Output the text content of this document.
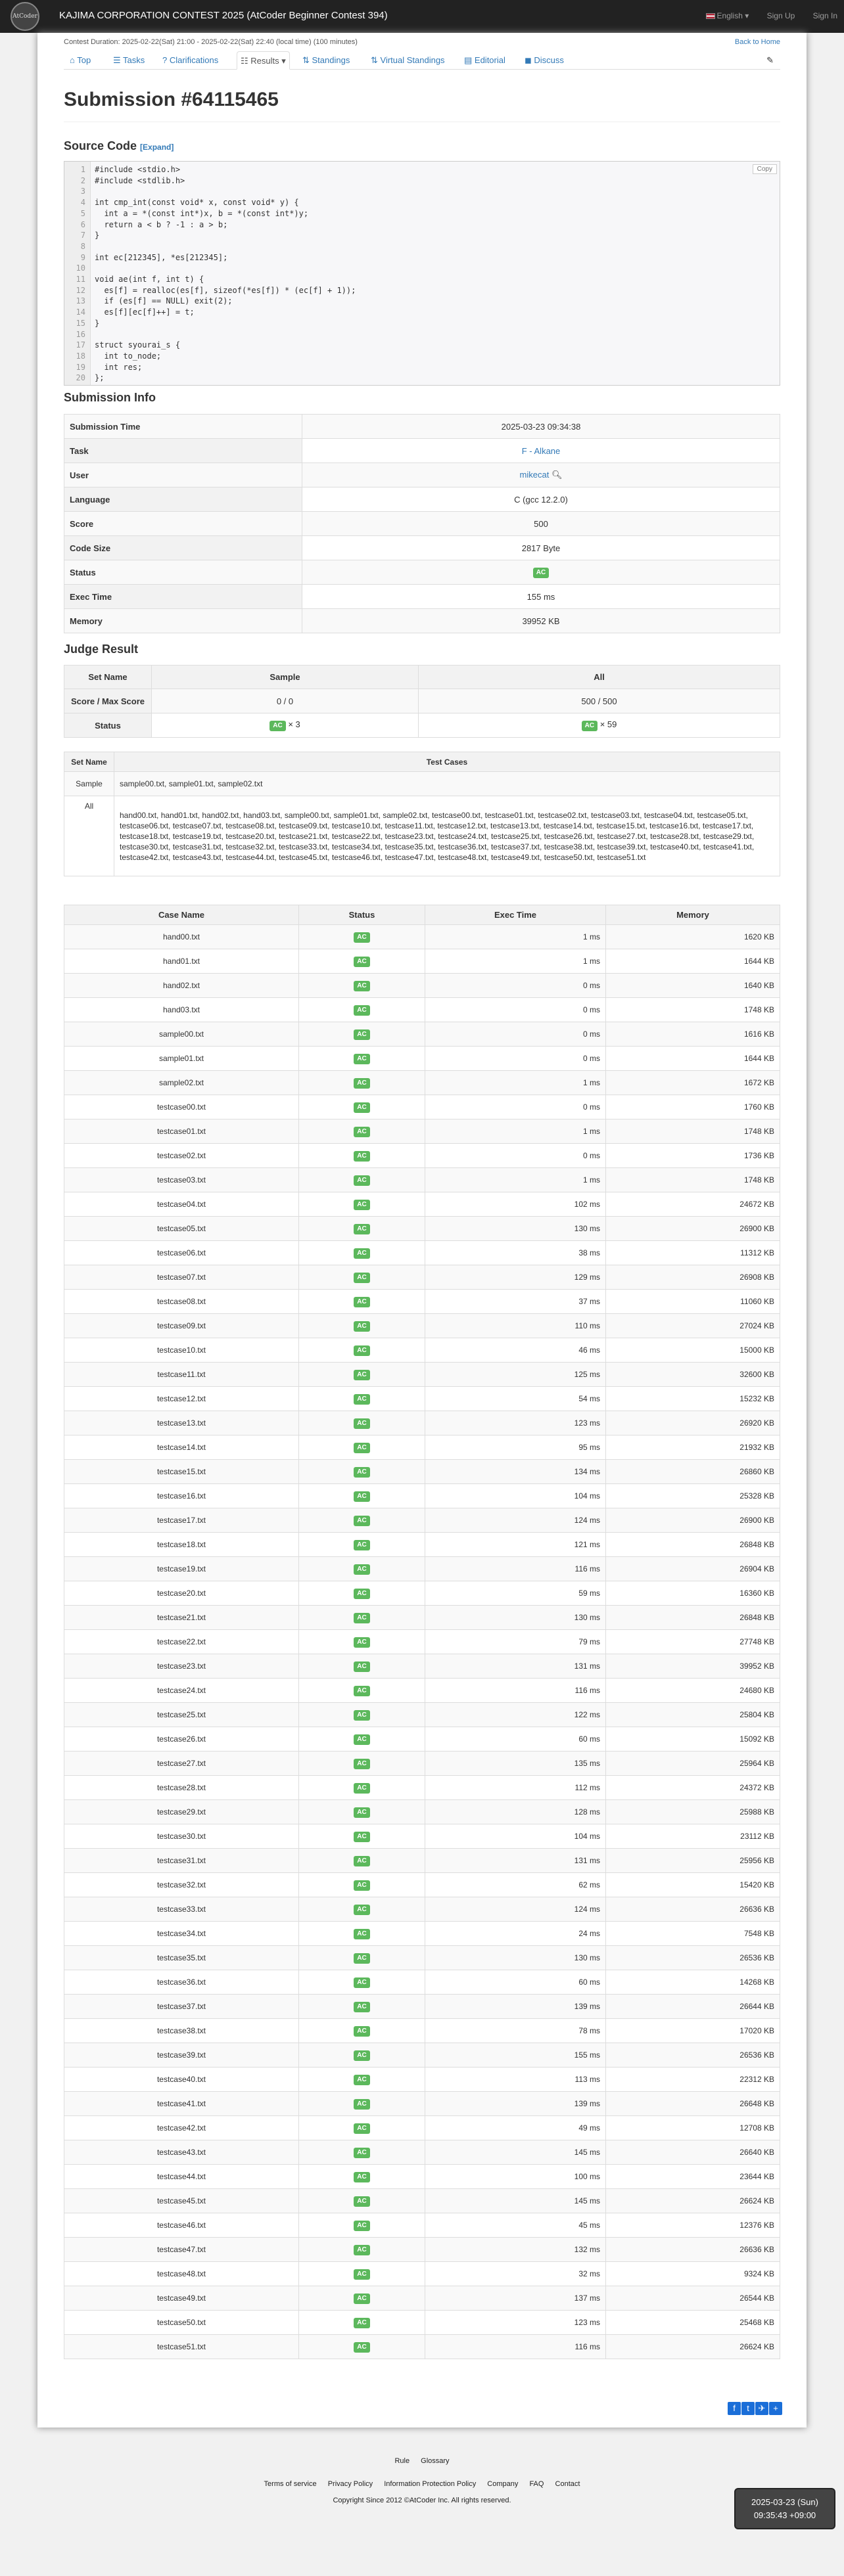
AtCoder KAJIMA CORPORATION CONTEST 2025 (AtCoder Beginner Contest 394)	English ▾ Sign Up Sign In
Contest Duration: 2025-02-22(Sat) 21:00 - 2025-02-22(Sat) 22:40 (local time) (100 minutes)	Back to Home
⌂ Top	☰ Tasks	? Clarifications	☷ Results ▾	⇅ Standings	⇅ Virtual Standings	▤ Editorial	◼ Discuss	✎
Submission #64115465
Source Code [Expand]
Copy
1 #include <stdio.h>
2 #include <stdlib.h>
3
4 int cmp_int(const void* x, const void* y) {
5 int a = *(const int*)x, b = *(const int*)y;
6 return a < b ? -1 : a > b;
7 }
8
9 int ec[212345], *es[212345];
10
11 void ae(int f, int t) {
12 es[f] = realloc(es[f], sizeof(*es[f]) * (ec[f] + 1));
13 if (es[f] == NULL) exit(2);
14 es[f][ec[f]++] = t;
15 }
16
17 struct syourai_s {
18 int to_node;
19 int res;
20 };
Submission Info
Submission Time	2025-03-23 09:34:38
Task	F - Alkane
User	mikecat 🔍︎
Language	C (gcc 12.2.0)
Score	500
Code Size	2817 Byte
Status	AC
Exec Time	155 ms
Memory	39952 KB
Judge Result
Set Name	Sample	All
Score / Max Score	0 / 0	500 / 500
Status	AC × 3	AC × 59
Set Name	Test Cases
Sample	sample00.txt, sample01.txt, sample02.txt
All	hand00.txt, hand01.txt, hand02.txt, hand03.txt, sample00.txt, sample01.txt, sample02.txt, testcase00.txt, testcase01.txt, testcase02.txt, testcase03.txt, testcase04.txt, testcase05.txt, testcase06.txt, testcase07.txt, testcase08.txt, testcase09.txt, testcase10.txt, testcase11.txt, testcase12.txt, testcase13.txt, testcase14.txt, testcase15.txt, testcase16.txt, testcase17.txt, testcase18.txt, testcase19.txt, testcase20.txt, testcase21.txt, testcase22.txt, testcase23.txt, testcase24.txt, testcase25.txt, testcase26.txt, testcase27.txt, testcase28.txt, testcase29.txt, testcase30.txt, testcase31.txt, testcase32.txt, testcase33.txt, testcase34.txt, testcase35.txt, testcase36.txt, testcase37.txt, testcase38.txt, testcase39.txt, testcase40.txt, testcase41.txt, testcase42.txt, testcase43.txt, testcase44.txt, testcase45.txt, testcase46.txt, testcase47.txt, testcase48.txt, testcase49.txt, testcase50.txt, testcase51.txt
Case Name	Status	Exec Time	Memory
hand00.txt	AC	1 ms	1620 KB
hand01.txt	AC	1 ms	1644 KB
hand02.txt	AC	0 ms	1640 KB
hand03.txt	AC	0 ms	1748 KB
sample00.txt	AC	0 ms	1616 KB
sample01.txt	AC	0 ms	1644 KB
sample02.txt	AC	1 ms	1672 KB
testcase00.txt	AC	0 ms	1760 KB
testcase01.txt	AC	1 ms	1748 KB
testcase02.txt	AC	0 ms	1736 KB
testcase03.txt	AC	1 ms	1748 KB
testcase04.txt	AC	102 ms	24672 KB
testcase05.txt	AC	130 ms	26900 KB
testcase06.txt	AC	38 ms	11312 KB
testcase07.txt	AC	129 ms	26908 KB
testcase08.txt	AC	37 ms	11060 KB
testcase09.txt	AC	110 ms	27024 KB
testcase10.txt	AC	46 ms	15000 KB
testcase11.txt	AC	125 ms	32600 KB
testcase12.txt	AC	54 ms	15232 KB
testcase13.txt	AC	123 ms	26920 KB
testcase14.txt	AC	95 ms	21932 KB
testcase15.txt	AC	134 ms	26860 KB
testcase16.txt	AC	104 ms	25328 KB
testcase17.txt	AC	124 ms	26900 KB
testcase18.txt	AC	121 ms	26848 KB
testcase19.txt	AC	116 ms	26904 KB
testcase20.txt	AC	59 ms	16360 KB
testcase21.txt	AC	130 ms	26848 KB
testcase22.txt	AC	79 ms	27748 KB
testcase23.txt	AC	131 ms	39952 KB
testcase24.txt	AC	116 ms	24680 KB
testcase25.txt	AC	122 ms	25804 KB
testcase26.txt	AC	60 ms	15092 KB
testcase27.txt	AC	135 ms	25964 KB
testcase28.txt	AC	112 ms	24372 KB
testcase29.txt	AC	128 ms	25988 KB
testcase30.txt	AC	104 ms	23112 KB
testcase31.txt	AC	131 ms	25956 KB
testcase32.txt	AC	62 ms	15420 KB
testcase33.txt	AC	124 ms	26636 KB
testcase34.txt	AC	24 ms	7548 KB
testcase35.txt	AC	130 ms	26536 KB
testcase36.txt	AC	60 ms	14268 KB
testcase37.txt	AC	139 ms	26644 KB
testcase38.txt	AC	78 ms	17020 KB
testcase39.txt	AC	155 ms	26536 KB
testcase40.txt	AC	113 ms	22312 KB
testcase41.txt	AC	139 ms	26648 KB
testcase42.txt	AC	49 ms	12708 KB
testcase43.txt	AC	145 ms	26640 KB
testcase44.txt	AC	100 ms	23644 KB
testcase45.txt	AC	145 ms	26624 KB
testcase46.txt	AC	45 ms	12376 KB
testcase47.txt	AC	132 ms	26636 KB
testcase48.txt	AC	32 ms	9324 KB
testcase49.txt	AC	137 ms	26544 KB
testcase50.txt	AC	123 ms	25468 KB
testcase51.txt	AC	116 ms	26624 KB
f t ✈ +
Rule Glossary
Terms of service Privacy Policy Information Protection Policy Company FAQ Contact
Copyright Since 2012 ©AtCoder Inc. All rights reserved.	2025-03-23 (Sun)
09:35:43 +09:00
